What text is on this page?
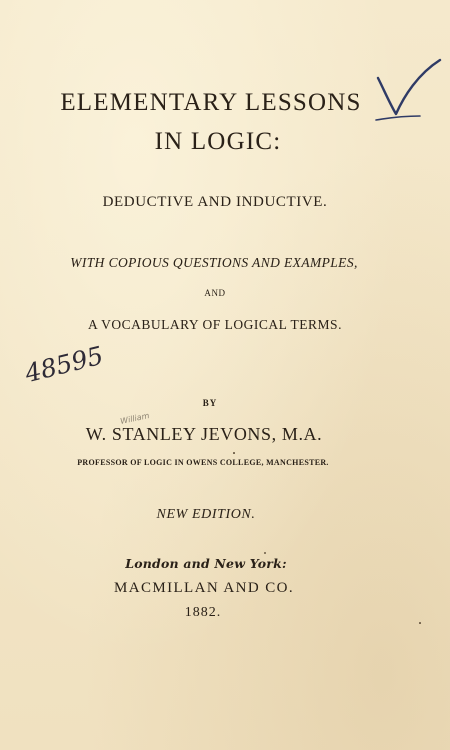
ELEMENTARY LESSONS
IN LOGIC:
DEDUCTIVE AND INDUCTIVE.
WITH COPIOUS QUESTIONS AND EXAMPLES,
AND
A VOCABULARY OF LOGICAL TERMS.
48595
BY
William
W. STANLEY JEVONS, M.A.
PROFESSOR OF LOGIC IN OWENS COLLEGE, MANCHESTER.
NEW EDITION.
London and New York:
MACMILLAN AND CO.
1882.
